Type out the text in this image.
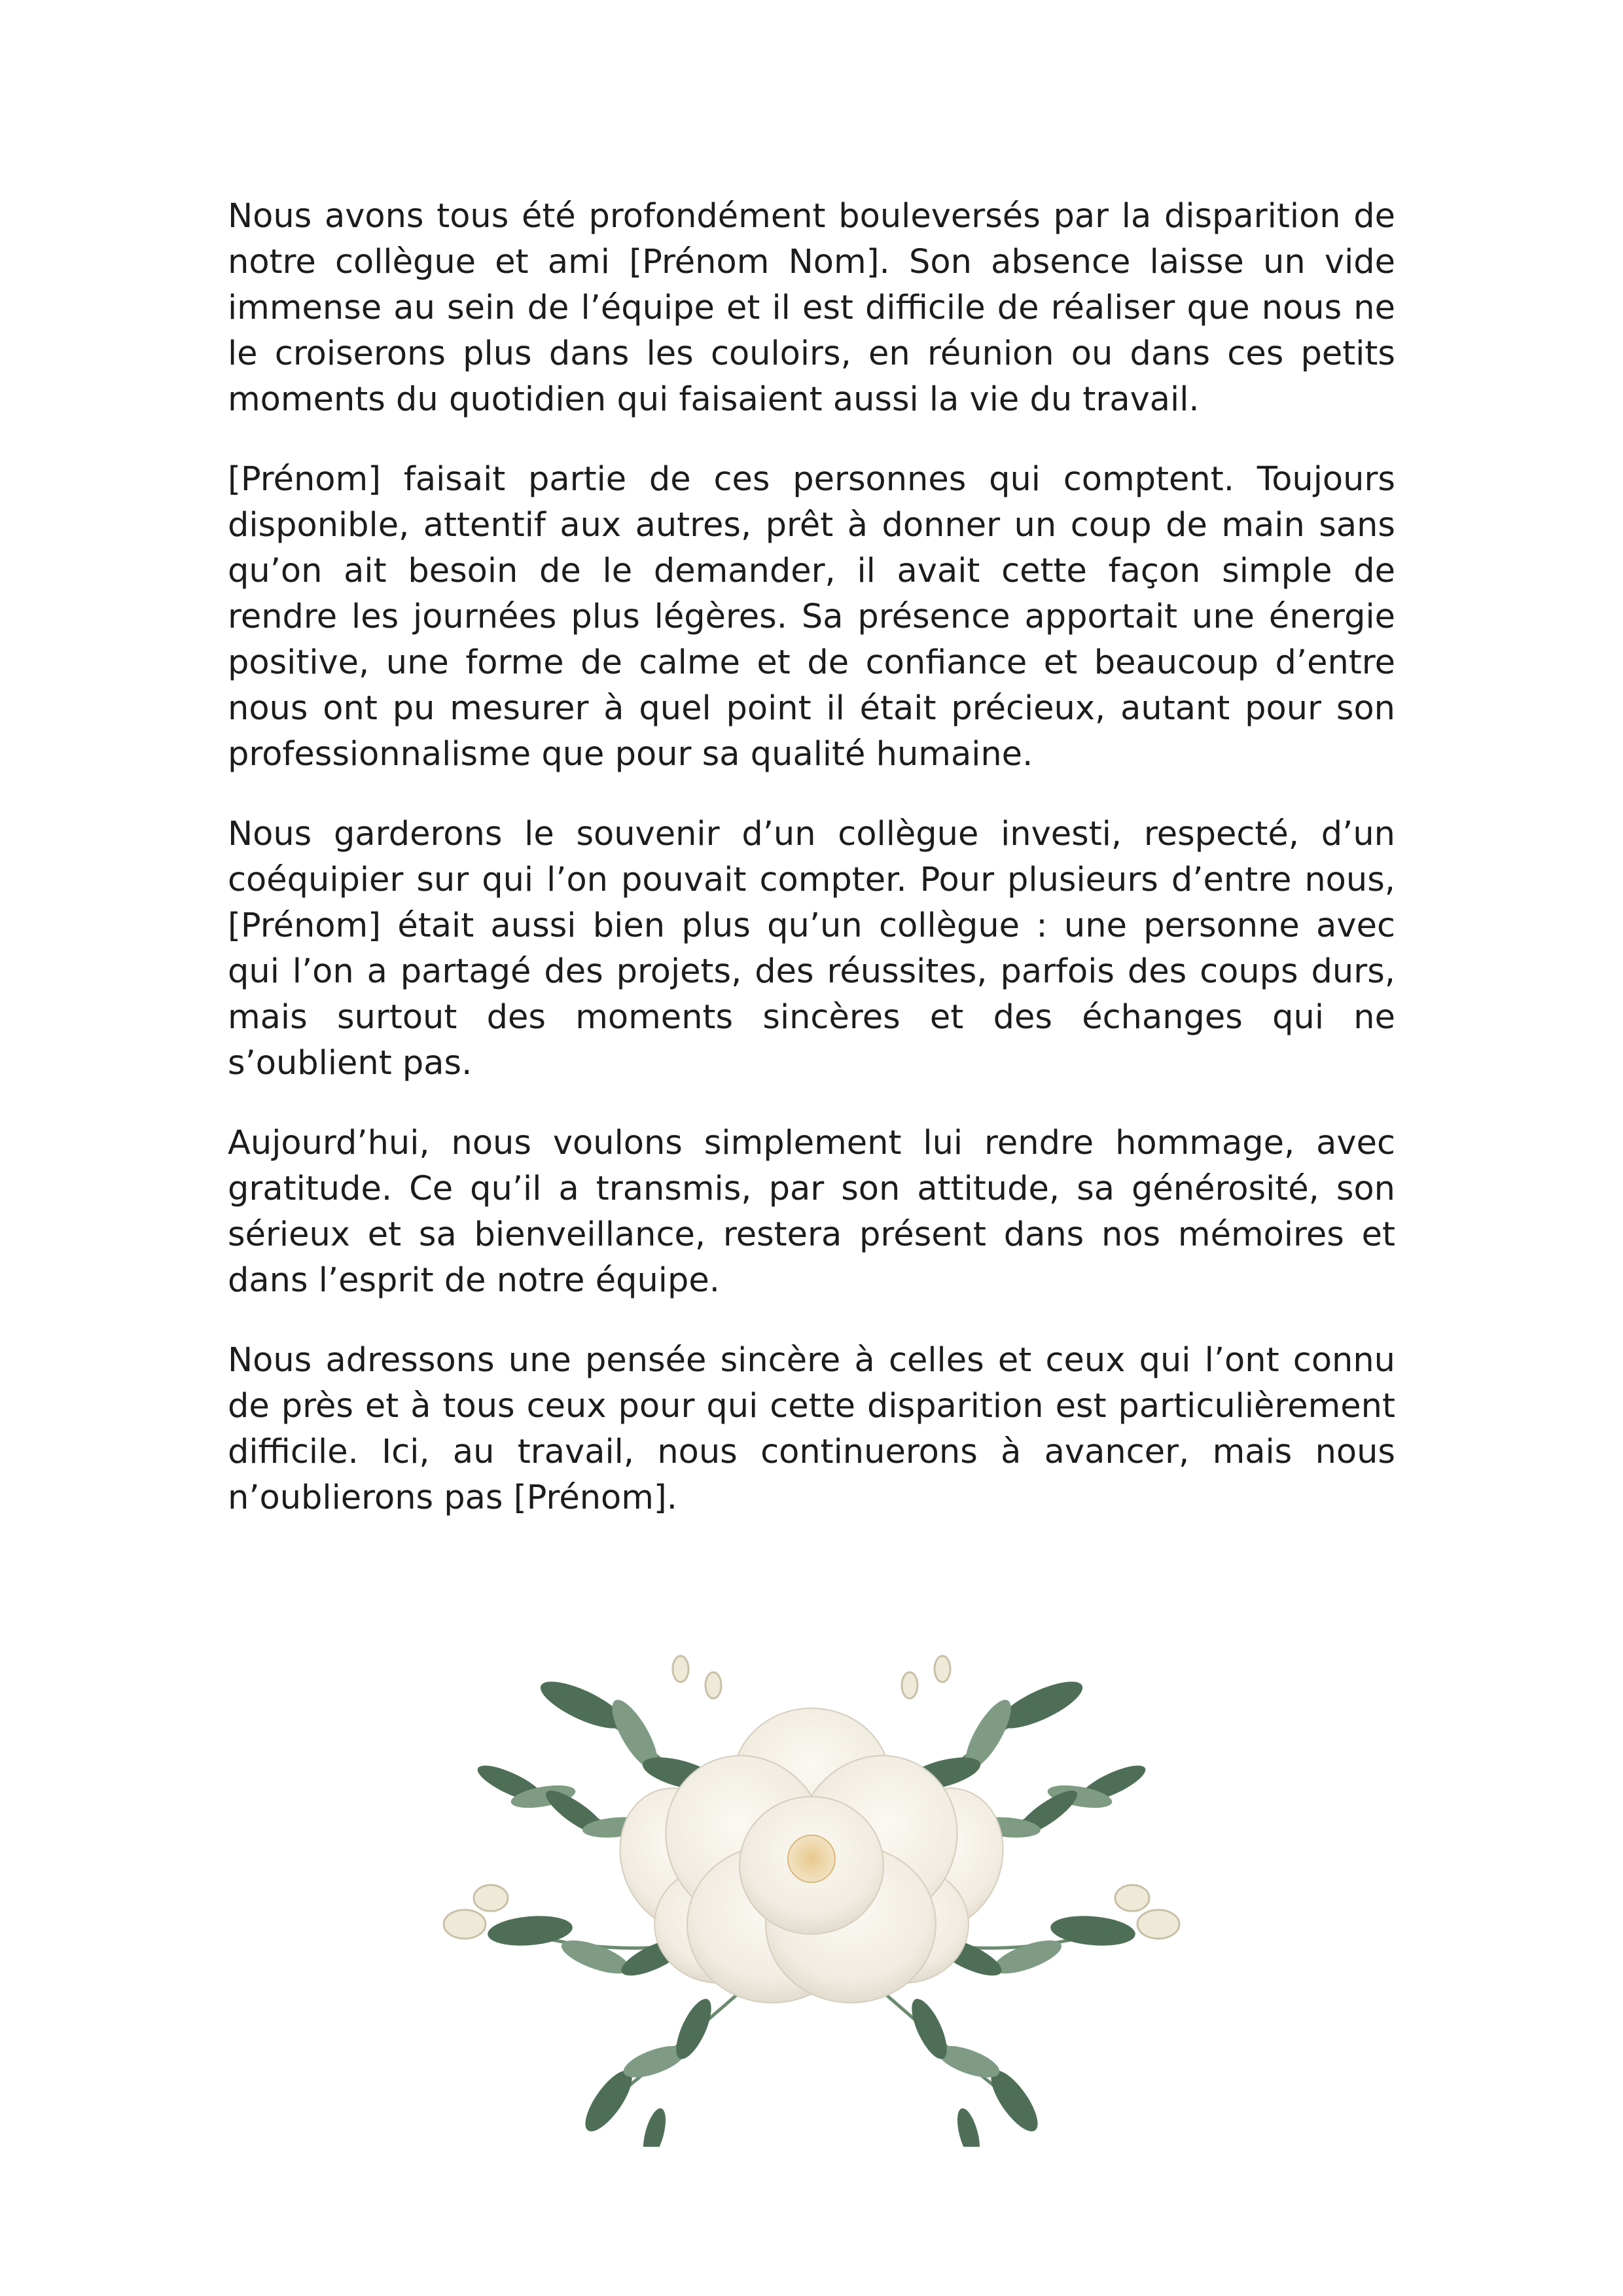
Nous avons tous été profondément bouleversés par la disparition de notre collègue et ami [Prénom Nom]. Son absence laisse un vide immense au sein de l’équipe et il est difficile de réaliser que nous ne le croiserons plus dans les couloirs, en réunion ou dans ces petits moments du quotidien qui faisaient aussi la vie du travail.

[Prénom] faisait partie de ces personnes qui comptent. Toujours disponible, attentif aux autres, prêt à donner un coup de main sans qu’on ait besoin de le demander, il avait cette façon simple de rendre les journées plus légères. Sa présence apportait une énergie positive, une forme de calme et de confiance et beaucoup d’entre nous ont pu mesurer à quel point il était précieux, autant pour son professionnalisme que pour sa qualité humaine.

Nous garderons le souvenir d’un collègue investi, respecté, d’un coéquipier sur qui l’on pouvait compter. Pour plusieurs d’entre nous, [Prénom] était aussi bien plus qu’un collègue : une personne avec qui l’on a partagé des projets, des réussites, parfois des coups durs, mais surtout des moments sincères et des échanges qui ne s’oublient pas.

Aujourd’hui, nous voulons simplement lui rendre hommage, avec gratitude. Ce qu’il a transmis, par son attitude, sa générosité, son sérieux et sa bienveillance, restera présent dans nos mémoires et dans l’esprit de notre équipe.

Nous adressons une pensée sincère à celles et ceux qui l’ont connu de près et à tous ceux pour qui cette disparition est particulièrement difficile. Ici, au travail, nous continuerons à avancer, mais nous n’oublierons pas [Prénom].
